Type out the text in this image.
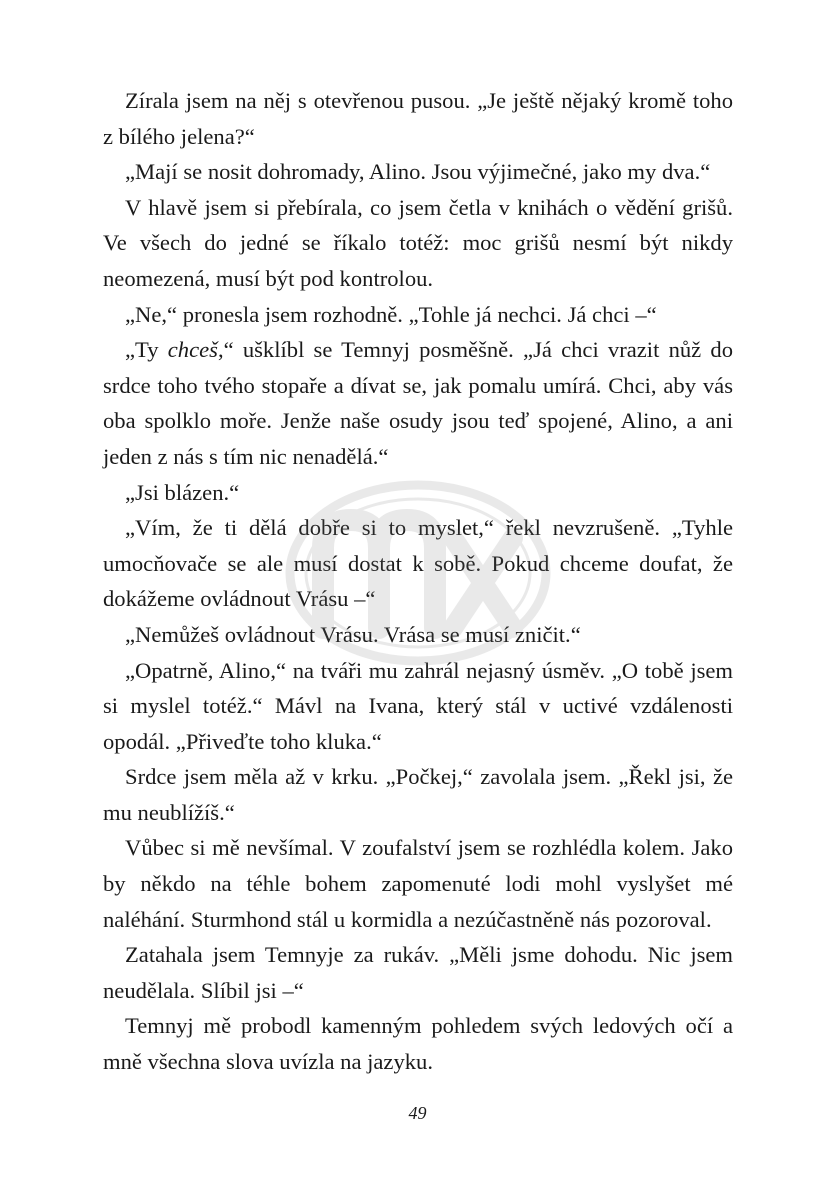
Zírala jsem na něj s otevřenou pusou. „Je ještě nějaký kromě toho z bílého jelena?“

„Mají se nosit dohromady, Alino. Jsou výjimečné, jako my dva.“

V hlavě jsem si přebírala, co jsem četla v knihách o vědění grišů. Ve všech do jedné se říkalo totéž: moc grišů nesmí být nikdy neomezená, musí být pod kontrolou.

„Ne,“ pronesla jsem rozhodně. „Tohle já nechci. Já chci –“

„Ty chceš,“ ušklíbl se Temnyj posměšně. „Já chci vrazit nůž do srdce toho tvého stopaře a dívat se, jak pomalu umírá. Chci, aby vás oba spolklo moře. Jenže naše osudy jsou teď spojené, Alino, a ani jeden z nás s tím nic nenadělá.“

„Jsi blázen.“

„Vím, že ti dělá dobře si to myslet,“ řekl nevzrušeně. „Tyhle umocňovače se ale musí dostat k sobě. Pokud chceme doufat, že dokážeme ovládnout Vrásu –“

„Nemůžeš ovládnout Vrásu. Vrása se musí zničit.“

„Opatrně, Alino,“ na tváři mu zahrál nejasný úsměv. „O tobě jsem si myslel totéž.“ Mávl na Ivana, který stál v uctivé vzdálenosti opodál. „Přiveďte toho kluka.“

Srdce jsem měla až v krku. „Počkej,“ zavolala jsem. „Řekl jsi, že mu neublížíš.“

Vůbec si mě nevšímal. V zoufalství jsem se rozhlédla kolem. Jako by někdo na téhle bohem zapomenuté lodi mohl vyslyšet mé naléhání. Sturmhond stál u kormidla a nezúčastněně nás pozoroval.

Zatahala jsem Temnyje za rukáv. „Měli jsme dohodu. Nic jsem neudělala. Slíbil jsi –“

Temnyj mě probodl kamenným pohledem svých ledových očí a mně všechna slova uvízla na jazyku.

49
